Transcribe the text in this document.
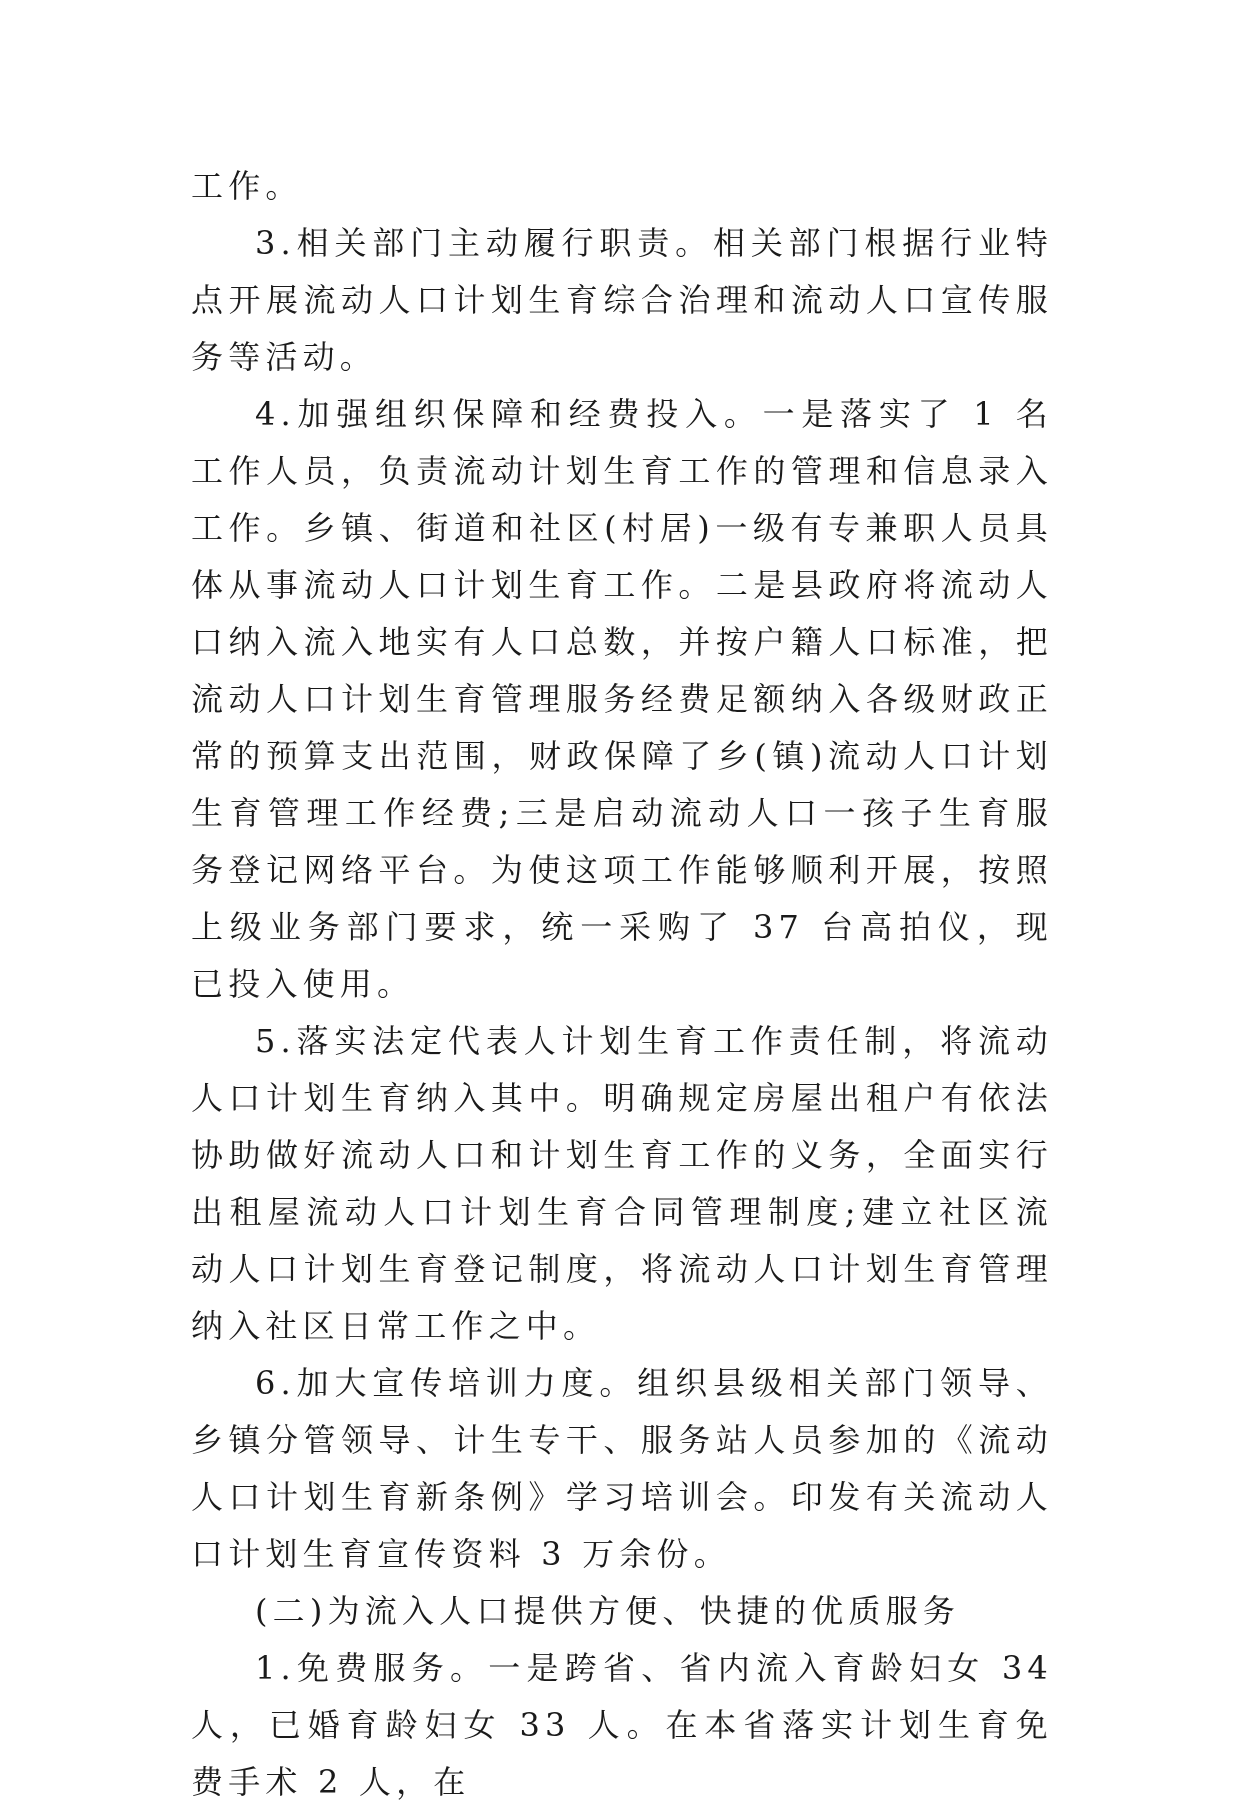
工作。

3.相关部门主动履行职责。相关部门根据行业特点开展流动人口计划生育综合治理和流动人口宣传服务等活动。

4.加强组织保障和经费投入。一是落实了 1 名工作人员，负责流动计划生育工作的管理和信息录入工作。乡镇、街道和社区(村居)一级有专兼职人员具体从事流动人口计划生育工作。二是县政府将流动人口纳入流入地实有人口总数，并按户籍人口标准，把流动人口计划生育管理服务经费足额纳入各级财政正常的预算支出范围，财政保障了乡(镇)流动人口计划生育管理工作经费;三是启动流动人口一孩子生育服务登记网络平台。为使这项工作能够顺利开展，按照上级业务部门要求，统一采购了 37 台高拍仪，现已投入使用。

5.落实法定代表人计划生育工作责任制，将流动人口计划生育纳入其中。明确规定房屋出租户有依法协助做好流动人口和计划生育工作的义务，全面实行出租屋流动人口计划生育合同管理制度;建立社区流动人口计划生育登记制度，将流动人口计划生育管理纳入社区日常工作之中。

6.加大宣传培训力度。组织县级相关部门领导、乡镇分管领导、计生专干、服务站人员参加的《流动人口计划生育新条例》学习培训会。印发有关流动人口计划生育宣传资料 3 万余份。

(二)为流入人口提供方便、快捷的优质服务

1.免费服务。一是跨省、省内流入育龄妇女 34 人，已婚育龄妇女 33 人。在本省落实计划生育免费手术 2 人，在
